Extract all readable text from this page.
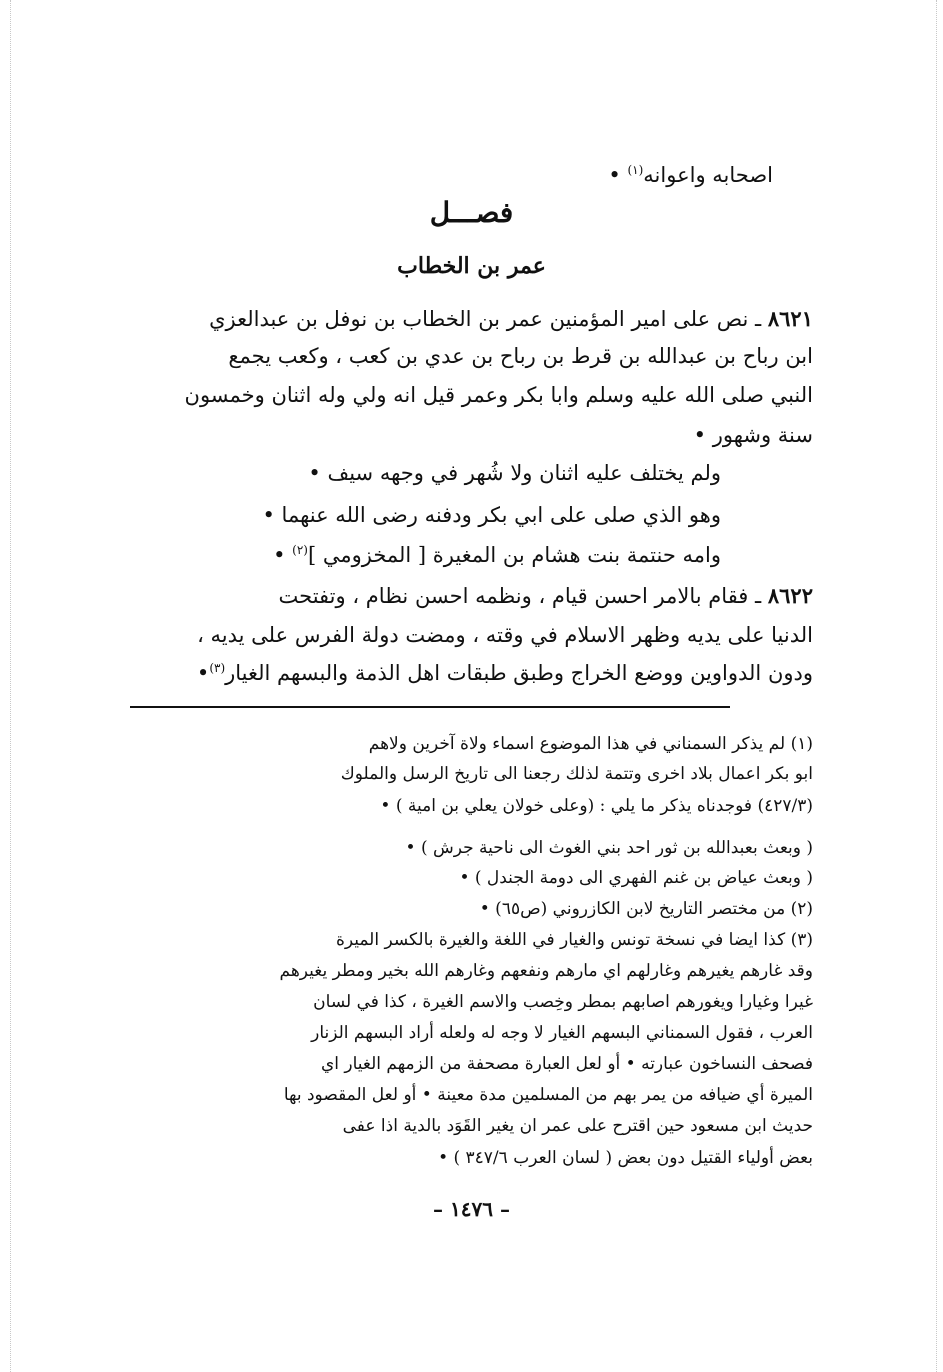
اصحابه واعوانه$^{(١)}$ •
فصـــل
عمر بن الخطاب
٨٦٢١ ـ نص على امير المؤمنين عمر بن الخطاب بن نوفل بن عبدالعزي
ابن رباح بن عبدالله بن قرط بن رباح بن عدي بن كعب ، وكعب يجمع
النبي صلى الله عليه وسلم وابا بكر وعمر قيل انه ولي وله اثنان وخمسون
سنة وشهور •
ولم يختلف عليه اثنان ولا شُهر في وجهه سيف •
وهو الذي صلى على ابي بكر ودفنه رضى الله عنهما •
وامه حنتمة بنت هشام بن المغيرة [ المخزومي ]$^{(٢)}$ •
٨٦٢٢ ـ فقام بالامر احسن قيام ، ونظمه احسن نظام ، وتفتحت
الدنيا على يديه وظهر الاسلام في وقته ، ومضت دولة الفرس على يديه ،
ودون الدواوين ووضع الخراج وطبق طبقات اهل الذمة والبسهم الغيار$^{(٣)}$•
(١) لم يذكر السمناني في هذا الموضوع اسماء ولاة آخرين ولاهم
ابو بكر اعمال بلاد اخرى وتتمة لذلك رجعنا الى تاريخ الرسل والملوك
(٤٢٧/٣) فوجدناه يذكر ما يلي : (وعلى خولان يعلي بن امية ) •
( وبعث بعبدالله بن ثور احد بني الغوث الى ناحية جرش ) •
( وبعث عياض بن غنم الفهري الى دومة الجندل ) •
(٢) من مختصر التاريخ لابن الكازروني (ص٦٥) •
(٣) كذا ايضا في نسخة تونس والغيار في اللغة والغيرة بالكسر الميرة
وقد غارهم يغيرهم وغارلهم اي مارهم ونفعهم وغارهم الله بخير ومطر يغيرهم
غيرا وغيارا ويغورهم اصابهم بمطر وخِصب والاسم الغيرة ، كذا في لسان
العرب ، فقول السمناني البسهم الغيار لا وجه له ولعله أراد البسهم الزنار
فصحف النساخون عبارته • أو لعل العبارة مصحفة من الزمهم الغيار اي
الميرة أي ضيافه من يمر بهم من المسلمين مدة معينة • أو لعل المقصود بها
حديث ابن مسعود حين اقترح على عمر ان يغير القَوَد بالدية اذا عفى
بعض أولياء القتيل دون بعض ( لسان العرب ٣٤٧/٦ ) •
– ١٤٧٦ –
